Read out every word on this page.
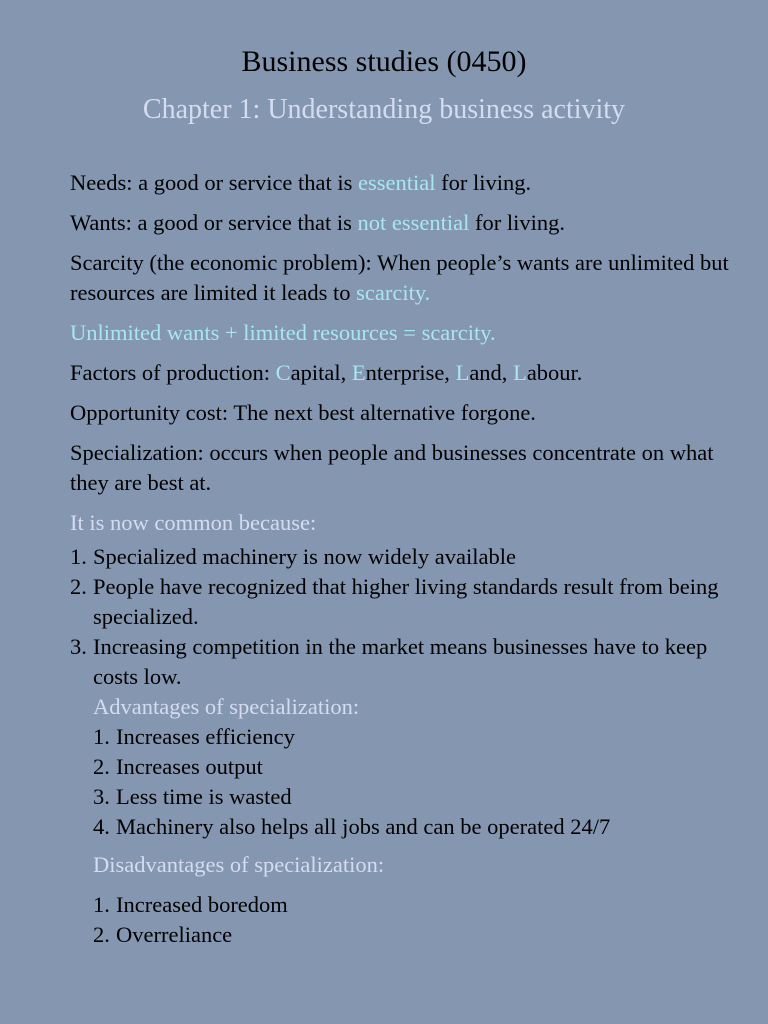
Business studies (0450)
Chapter 1: Understanding business activity
Needs: a good or service that is essential for living.
Wants: a good or service that is not essential for living.
Scarcity (the economic problem): When people’s wants are unlimited but resources are limited it leads to scarcity.
Unlimited wants + limited resources = scarcity.
Factors of production: Capital, Enterprise, Land, Labour.
Opportunity cost: The next best alternative forgone.
Specialization: occurs when people and businesses concentrate on what they are best at.
It is now common because:
1. Specialized machinery is now widely available
2. People have recognized that higher living standards result from being specialized.
3. Increasing competition in the market means businesses have to keep costs low.
Advantages of specialization:
1. Increases efficiency
2. Increases output
3. Less time is wasted
4. Machinery also helps all jobs and can be operated 24/7
Disadvantages of specialization:
1. Increased boredom
2. Overreliance
